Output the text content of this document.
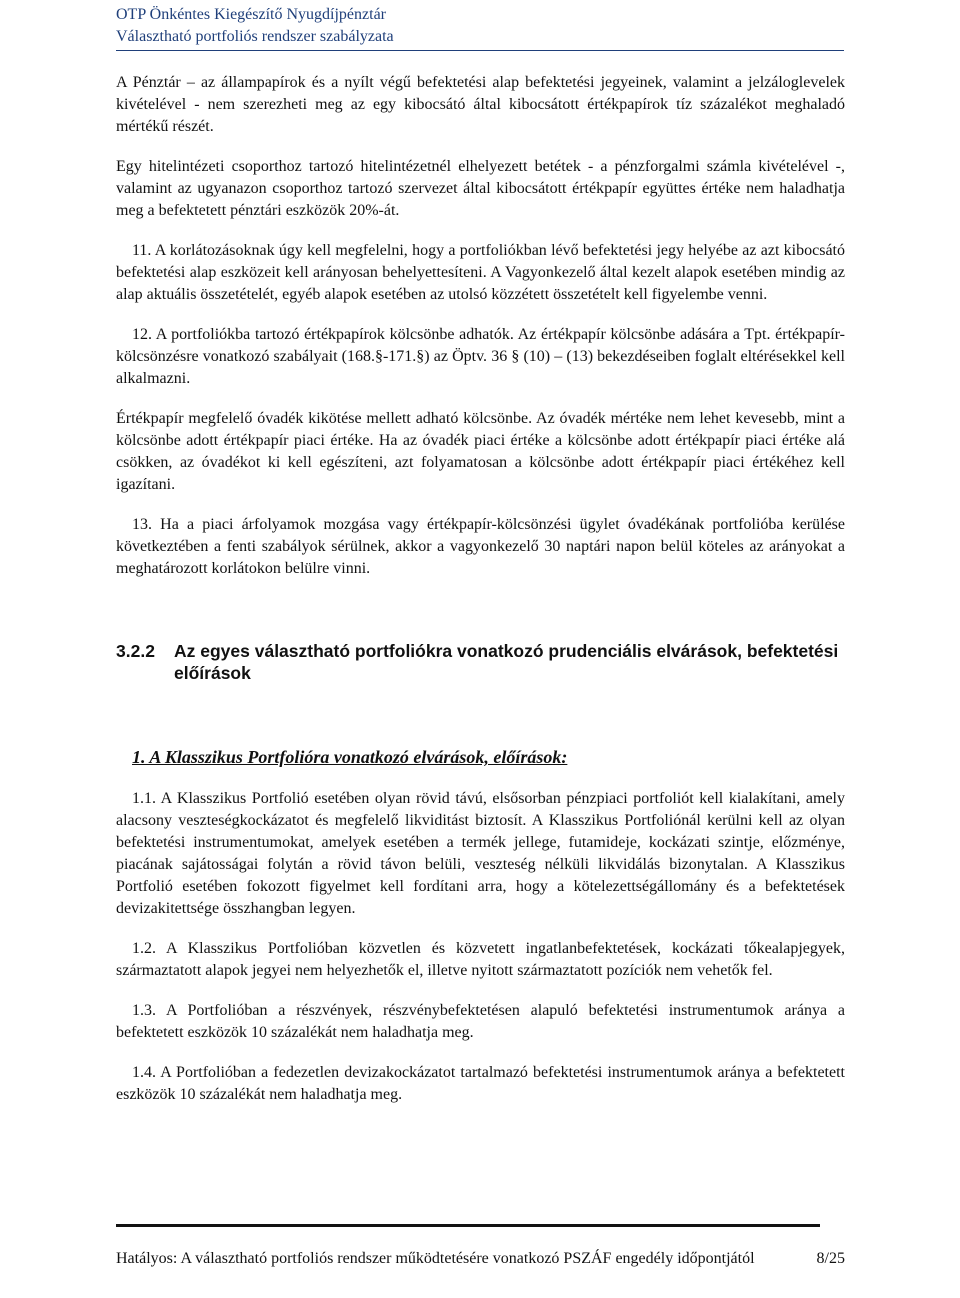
OTP Önkéntes Kiegészítő Nyugdíjpénztár
Választható portfoliós rendszer szabályzata

A Pénztár – az állampapírok és a nyílt végű befektetési alap befektetési jegyeinek, valamint a jelzáloglevelek kivételével - nem szerezheti meg az egy kibocsátó által kibocsátott értékpapírok tíz százalékot meghaladó mértékű részét.

Egy hitelintézeti csoporthoz tartozó hitelintézetnél elhelyezett betétek - a pénzforgalmi számla kivételével -, valamint az ugyanazon csoporthoz tartozó szervezet által kibocsátott értékpapír együttes értéke nem haladhatja meg a befektetett pénztári eszközök 20%-át.

11. A korlátozásoknak úgy kell megfelelni, hogy a portfoliókban lévő befektetési jegy helyébe az azt kibocsátó befektetési alap eszközeit kell arányosan behelyettesíteni. A Vagyonkezelő által kezelt alapok esetében mindig az alap aktuális összetételét, egyéb alapok esetében az utolsó közzétett összetételt kell figyelembe venni.

12. A portfoliókba tartozó értékpapírok kölcsönbe adhatók. Az értékpapír kölcsönbe adására a Tpt. értékpapír-kölcsönzésre vonatkozó szabályait (168.§-171.§) az Öptv. 36 § (10) – (13) bekezdéseiben foglalt eltérésekkel kell alkalmazni.

Értékpapír megfelelő óvadék kikötése mellett adható kölcsönbe. Az óvadék mértéke nem lehet kevesebb, mint a kölcsönbe adott értékpapír piaci értéke. Ha az óvadék piaci értéke a kölcsönbe adott értékpapír piaci értéke alá csökken, az óvadékot ki kell egészíteni, azt folyamatosan a kölcsönbe adott értékpapír piaci értékéhez kell igazítani.

13. Ha a piaci árfolyamok mozgása vagy értékpapír-kölcsönzési ügylet óvadékának portfolióba kerülése következtében a fenti szabályok sérülnek, akkor a vagyonkezelő 30 naptári napon belül köteles az arányokat a meghatározott korlátokon belülre vinni.

3.2.2	Az egyes választható portfoliókra vonatkozó prudenciális elvárások, befektetési előírások
1. A Klasszikus Portfolióra vonatkozó elvárások, előírások:

1.1. A Klasszikus Portfolió esetében olyan rövid távú, elsősorban pénzpiaci portfoliót kell kialakítani, amely alacsony veszteségkockázatot és megfelelő likviditást biztosít. A Klasszikus Portfoliónál kerülni kell az olyan befektetési instrumentumokat, amelyek esetében a termék jellege, futamideje, kockázati szintje, előzménye, piacának sajátosságai folytán a rövid távon belüli, veszteség nélküli likvidálás bizonytalan. A Klasszikus Portfolió esetében fokozott figyelmet kell fordítani arra, hogy a kötelezettségállomány és a befektetések devizakitettsége összhangban legyen.

1.2. A Klasszikus Portfolióban közvetlen és közvetett ingatlanbefektetések, kockázati tőkealapjegyek, származtatott alapok jegyei nem helyezhetők el, illetve nyitott származtatott pozíciók nem vehetők fel.

1.3. A Portfolióban a részvények, részvénybefektetésen alapuló befektetési instrumentumok aránya a befektetett eszközök 10 százalékát nem haladhatja meg.

1.4. A Portfolióban a fedezetlen devizakockázatot tartalmazó befektetési instrumentumok aránya a befektetett eszközök 10 százalékát nem haladhatja meg.

Hatályos: A választható portfoliós rendszer működtetésére vonatkozó PSZÁF engedély időpontjától	8/25
